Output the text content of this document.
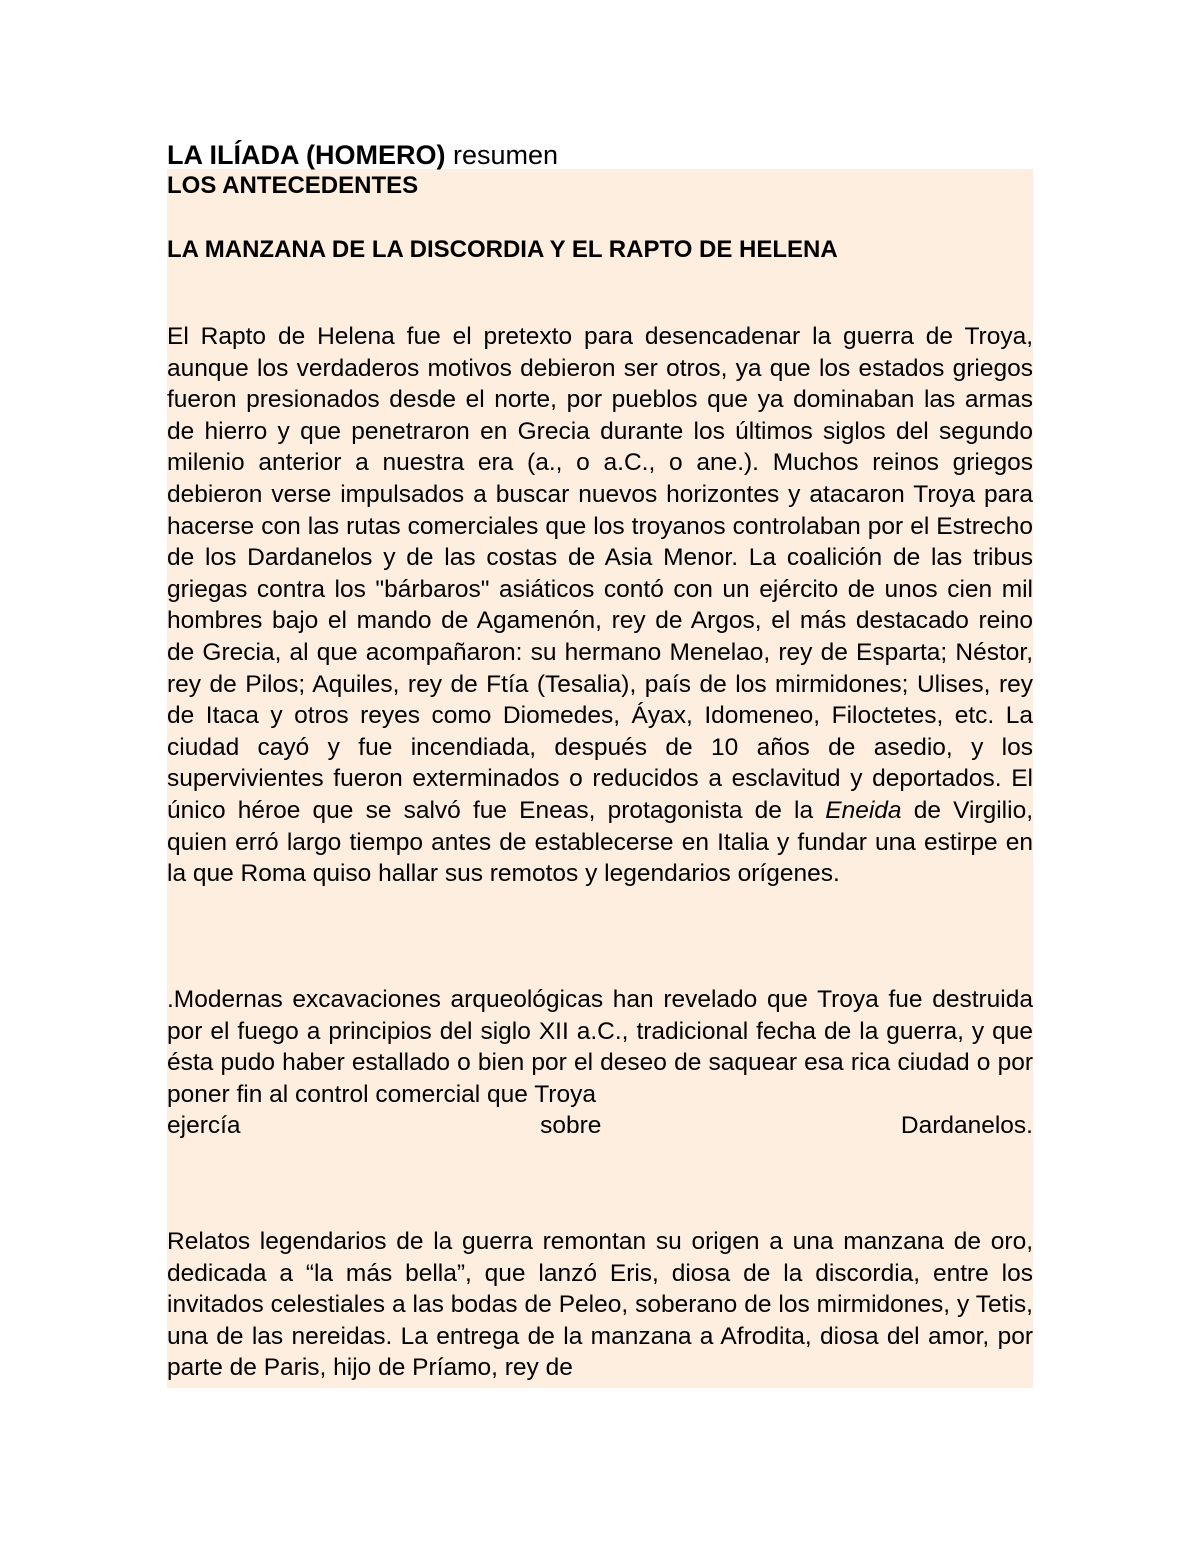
LA ILÍADA (HOMERO) resumen
LOS ANTECEDENTES
LA MANZANA DE LA DISCORDIA Y EL RAPTO DE HELENA
El Rapto de Helena fue el pretexto para desencadenar la guerra de Troya, aunque los verdaderos motivos debieron ser otros, ya que los estados griegos fueron presionados desde el norte, por pueblos que ya dominaban las armas de hierro y que penetraron en Grecia durante los últimos siglos del segundo milenio anterior a nuestra era (a., o a.C., o ane.). Muchos reinos griegos debieron verse impulsados a buscar nuevos horizontes y atacaron Troya para hacerse con las rutas comerciales que los troyanos controlaban por el Estrecho de los Dardanelos y de las costas de Asia Menor. La coalición de las tribus griegas contra los "bárbaros" asiáticos contó con un ejército de unos cien mil hombres bajo el mando de Agamenón, rey de Argos, el más destacado reino de Grecia, al que acompañaron: su hermano Menelao, rey de Esparta; Néstor, rey de Pilos; Aquiles, rey de Ftía (Tesalia), país de los mirmidones; Ulises, rey de Itaca y otros reyes como Diomedes, Áyax, Idomeneo, Filoctetes, etc. La ciudad cayó y fue incendiada, después de 10 años de asedio, y los supervivientes fueron exterminados o reducidos a esclavitud y deportados. El único héroe que se salvó fue Eneas, protagonista de la Eneida de Virgilio, quien erró largo tiempo antes de establecerse en Italia y fundar una estirpe en la que Roma quiso hallar sus remotos y legendarios orígenes.
.Modernas excavaciones arqueológicas han revelado que Troya fue destruida por el fuego a principios del siglo XII a.C., tradicional fecha de la guerra, y que ésta pudo haber estallado o bien por el deseo de saquear esa rica ciudad o por poner fin al control comercial que Troya
ejercía	sobre	Dardanelos.
Relatos legendarios de la guerra remontan su origen a una manzana de oro, dedicada a “la más bella”, que lanzó Eris, diosa de la discordia, entre los invitados celestiales a las bodas de Peleo, soberano de los mirmidones, y Tetis, una de las nereidas. La entrega de la manzana a Afrodita, diosa del amor, por parte de Paris, hijo de Príamo, rey de
